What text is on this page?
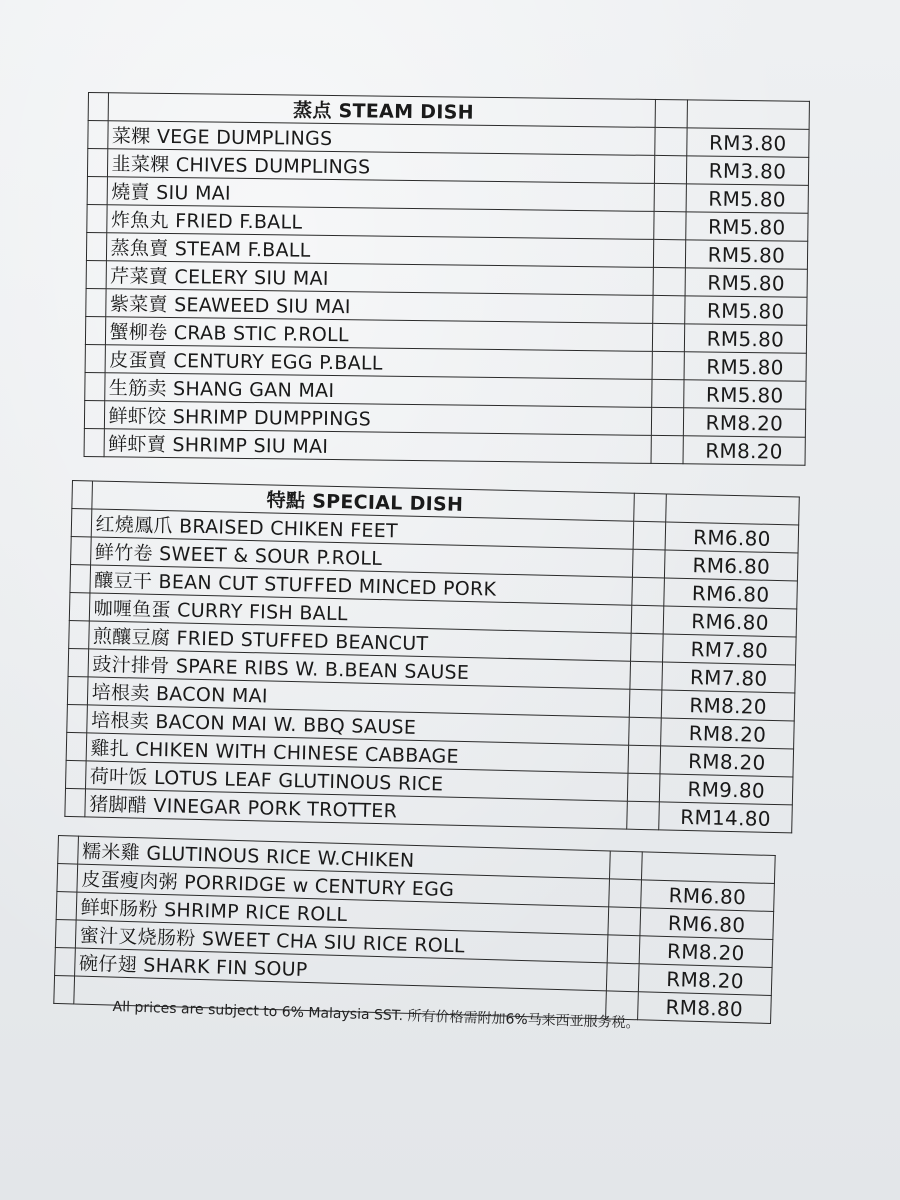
	蒸点 STEAM DISH		
	菜粿 VEGE DUMPLINGS		RM3.80
	韭菜粿 CHIVES DUMPLINGS		RM3.80
	燒賣 SIU MAI		RM5.80
	炸魚丸 FRIED F.BALL		RM5.80
	蒸魚賣 STEAM F.BALL		RM5.80
	芹菜賣 CELERY SIU MAI		RM5.80
	紫菜賣 SEAWEED SIU MAI		RM5.80
	蟹柳卷 CRAB STIC P.ROLL		RM5.80
	皮蛋賣 CENTURY EGG P.BALL		RM5.80
	生筋卖 SHANG GAN MAI		RM5.80
	鲜虾饺 SHRIMP DUMPPINGS		RM8.20
	鲜虾賣 SHRIMP SIU MAI		RM8.20
	特點 SPECIAL DISH		
	红燒鳳爪 BRAISED CHIKEN FEET		RM6.80
	鲜竹卷 SWEET & SOUR P.ROLL		RM6.80
	釀豆干 BEAN CUT STUFFED MINCED PORK		RM6.80
	咖喱鱼蛋 CURRY FISH BALL		RM6.80
	煎釀豆腐 FRIED STUFFED BEANCUT		RM7.80
	豉汁排骨 SPARE RIBS W. B.BEAN SAUSE		RM7.80
	培根卖 BACON MAI		RM8.20
	培根卖 BACON MAI W. BBQ SAUSE		RM8.20
	雞扎 CHIKEN WITH CHINESE CABBAGE		RM8.20
	荷叶饭 LOTUS LEAF GLUTINOUS RICE		RM9.80
	猪脚醋 VINEGAR PORK TROTTER		RM14.80
	糯米雞 GLUTINOUS RICE W.CHIKEN		
	皮蛋瘦肉粥 PORRIDGE w CENTURY EGG		RM6.80
	鲜虾肠粉 SHRIMP RICE ROLL		RM6.80
	蜜汁叉烧肠粉 SWEET CHA SIU RICE ROLL		RM8.20
	碗仔翅 SHARK FIN SOUP		RM8.20
			RM8.80
All prices are subject to 6% Malaysia SST. 所有价格需附加6%马来西亚服务税。
